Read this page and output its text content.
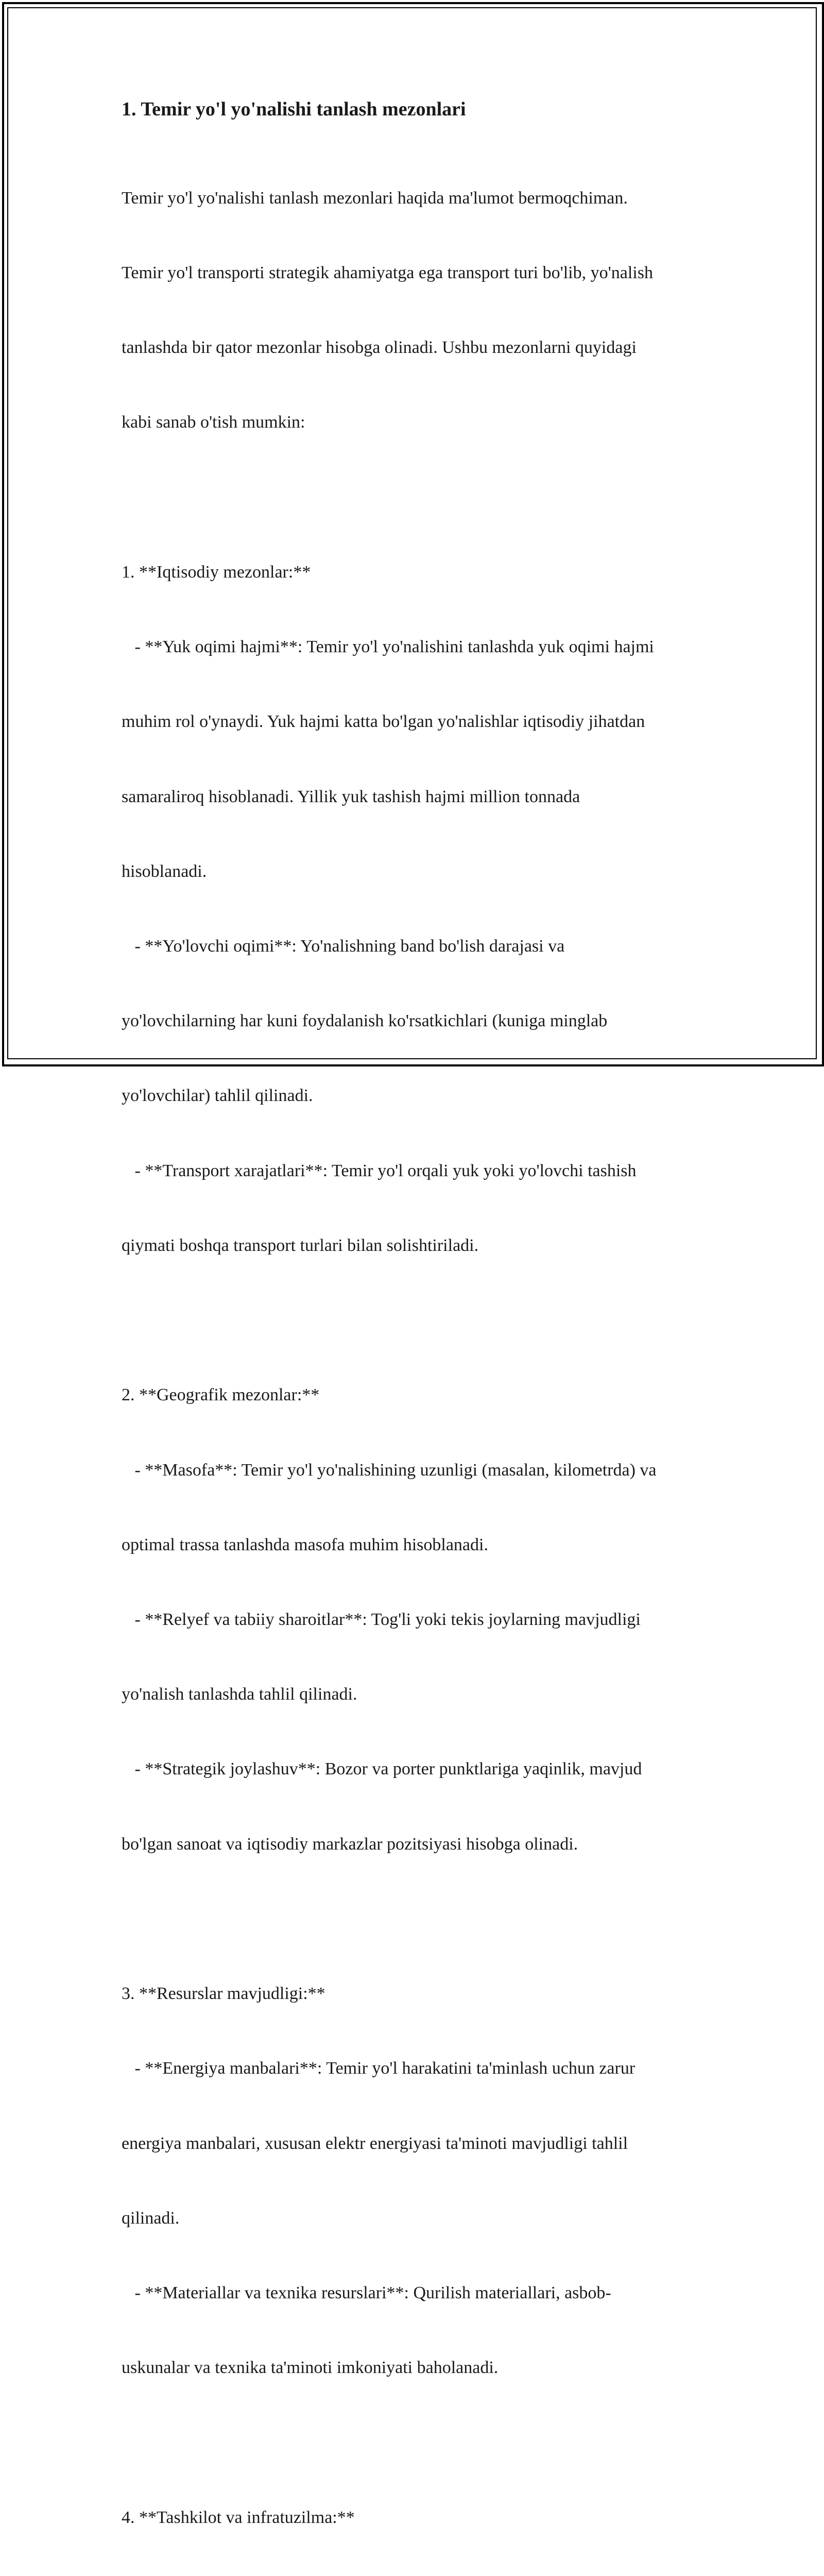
1. Temir yo'l yo'nalishi tanlash mezonlari

Temir yo'l yo'nalishi tanlash mezonlari haqida ma'lumot bermoqchiman.

Temir yo'l transporti strategik ahamiyatga ega transport turi bo'lib, yo'nalish

tanlashda bir qator mezonlar hisobga olinadi. Ushbu mezonlarni quyidagi

kabi sanab o'tish mumkin:

1. **Iqtisodiy mezonlar:**

- **Yuk oqimi hajmi**: Temir yo'l yo'nalishini tanlashda yuk oqimi hajmi

muhim rol o'ynaydi. Yuk hajmi katta bo'lgan yo'nalishlar iqtisodiy jihatdan

samaraliroq hisoblanadi. Yillik yuk tashish hajmi million tonnada

hisoblanadi.

- **Yo'lovchi oqimi**: Yo'nalishning band bo'lish darajasi va

yo'lovchilarning har kuni foydalanish ko'rsatkichlari (kuniga minglab

yo'lovchilar) tahlil qilinadi.

- **Transport xarajatlari**: Temir yo'l orqali yuk yoki yo'lovchi tashish

qiymati boshqa transport turlari bilan solishtiriladi.

2. **Geografik mezonlar:**

- **Masofa**: Temir yo'l yo'nalishining uzunligi (masalan, kilometrda) va

optimal trassa tanlashda masofa muhim hisoblanadi.

- **Relyef va tabiiy sharoitlar**: Tog'li yoki tekis joylarning mavjudligi

yo'nalish tanlashda tahlil qilinadi.

- **Strategik joylashuv**: Bozor va porter punktlariga yaqinlik, mavjud

bo'lgan sanoat va iqtisodiy markazlar pozitsiyasi hisobga olinadi.

3. **Resurslar mavjudligi:**

- **Energiya manbalari**: Temir yo'l harakatini ta'minlash uchun zarur

energiya manbalari, xususan elektr energiyasi ta'minoti mavjudligi tahlil

qilinadi.

- **Materiallar va texnika resurslari**: Qurilish materiallari, asbob-

uskunalar va texnika ta'minoti imkoniyati baholanadi.

4. **Tashkilot va infratuzilma:**
